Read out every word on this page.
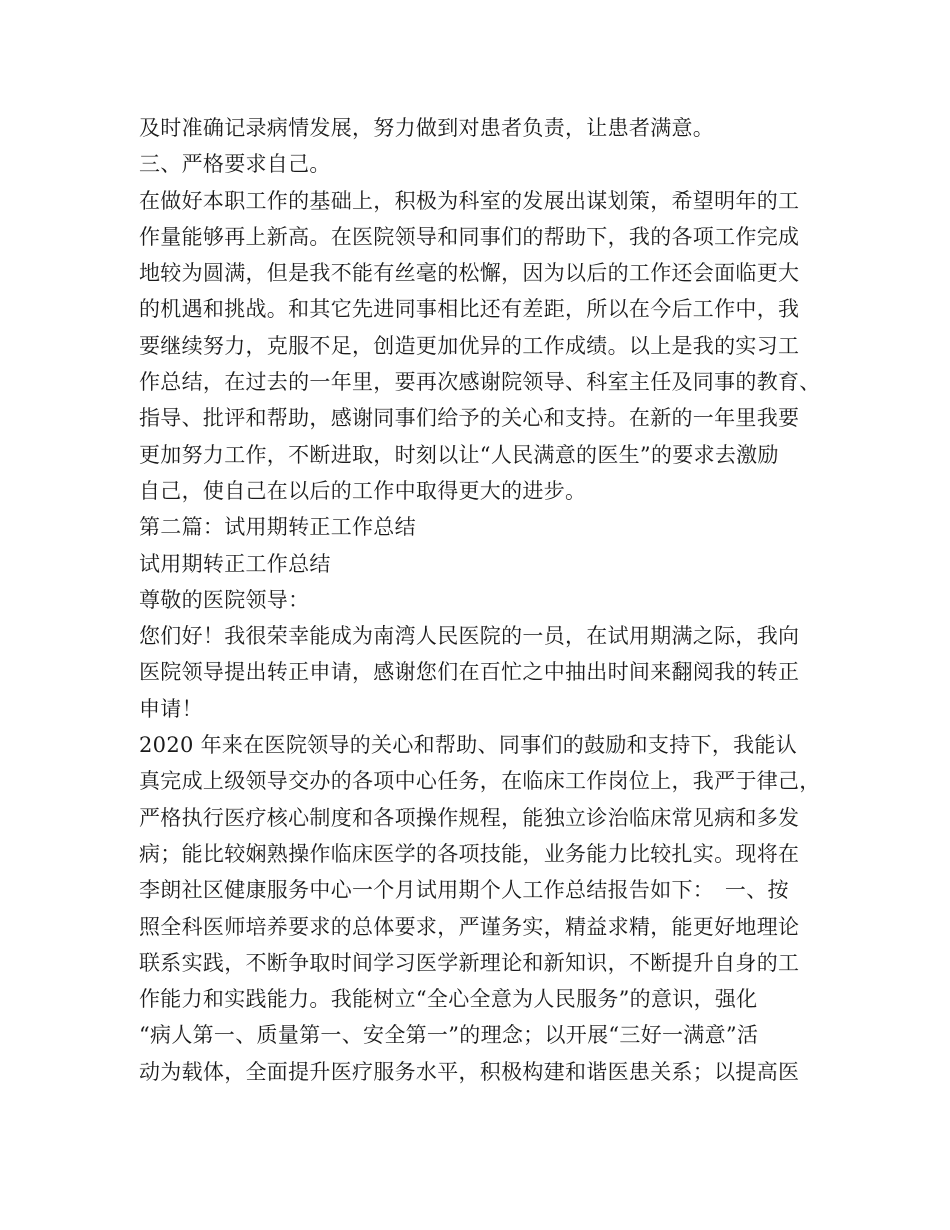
及时准确记录病情发展，努力做到对患者负责，让患者满意。
三、严格要求自己。
在做好本职工作的基础上，积极为科室的发展出谋划策，希望明年的工
作量能够再上新高。在医院领导和同事们的帮助下，我的各项工作完成
地较为圆满，但是我不能有丝毫的松懈，因为以后的工作还会面临更大
的机遇和挑战。和其它先进同事相比还有差距，所以在今后工作中，我
要继续努力，克服不足，创造更加优异的工作成绩。以上是我的实习工
作总结，在过去的一年里，要再次感谢院领导、科室主任及同事的教育、
指导、批评和帮助，感谢同事们给予的关心和支持。在新的一年里我要
更加努力工作，不断进取，时刻以让“人民满意的医生”的要求去激励
自己，使自己在以后的工作中取得更大的进步。
第二篇：试用期转正工作总结
试用期转正工作总结
尊敬的医院领导：
您们好！我很荣幸能成为南湾人民医院的一员，在试用期满之际，我向
医院领导提出转正申请，感谢您们在百忙之中抽出时间来翻阅我的转正
申请！
2020 年来在医院领导的关心和帮助、同事们的鼓励和支持下，我能认
真完成上级领导交办的各项中心任务，在临床工作岗位上，我严于律己，
严格执行医疗核心制度和各项操作规程，能独立诊治临床常见病和多发
病；能比较娴熟操作临床医学的各项技能，业务能力比较扎实。现将在
李朗社区健康服务中心一个月试用期个人工作总结报告如下：　一、按
照全科医师培养要求的总体要求，严谨务实，精益求精，能更好地理论
联系实践，不断争取时间学习医学新理论和新知识，不断提升自身的工
作能力和实践能力。我能树立“全心全意为人民服务”的意识，强化
“病人第一、质量第一、安全第一”的理念；以开展“三好一满意”活
动为载体，全面提升医疗服务水平，积极构建和谐医患关系；以提高医
